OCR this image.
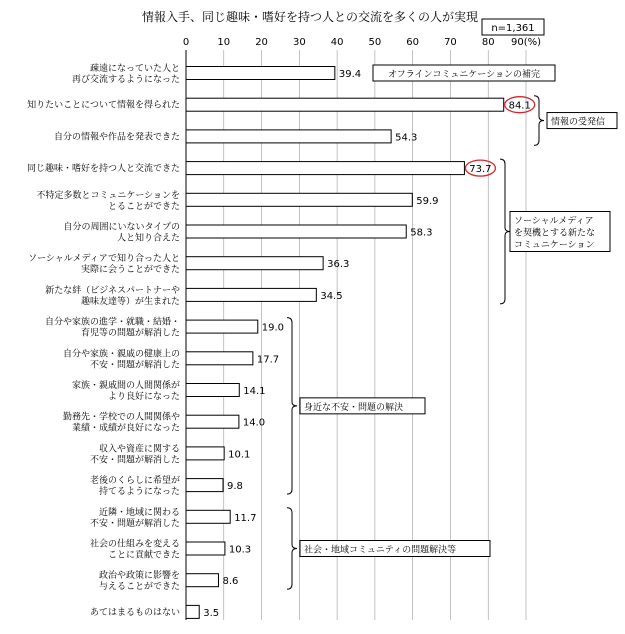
情報入手、同じ趣味・嗜好を持つ人との交流を多くの人が実現
n=1,361
0	10	20	30	40	50	60	70	80 90(%)
39.4
84.1
54.3
73.7
59.9
58.3
36.3
34.5
19.0
17.7
14.1
14.0
10.1
9.8
11.7
10.3
8.6
3.5
疎遠になっていた人と再び交流するようになった
知りたいことについて情報を得られた
自分の情報や作品を発表できた
同じ趣味・嗜好を持つ人と交流できた
不特定多数とコミュニケーションをとることができた
自分の周囲にいないタイプの人と知り合えた
ソーシャルメディアで知り合った人と実際に会うことができた
新たな絆（ビジネスパートナーや趣味友達等）が生まれた
自分や家族の進学・就職・結婚・育児等の問題が解消した
自分や家族・親戚の健康上の不安・問題が解消した
家族・親戚間の人間関係がより良好になった
勤務先・学校での人間関係や業績・成績が良好になった
収入や資産に関する不安・問題が解消した
老後のくらしに希望が持てるようになった
近隣・地域に関わる不安・問題が解消した
社会の仕組みを変えることに貢献できた
政治や政策に影響を与えることができた
あてはまるものはない
オフラインコミュニケーションの補完
情報の受発信
ソーシャルメディアを契機とする新たなコミュニケーション
身近な不安・問題の解決
社会・地域コミュニティの問題解決等
